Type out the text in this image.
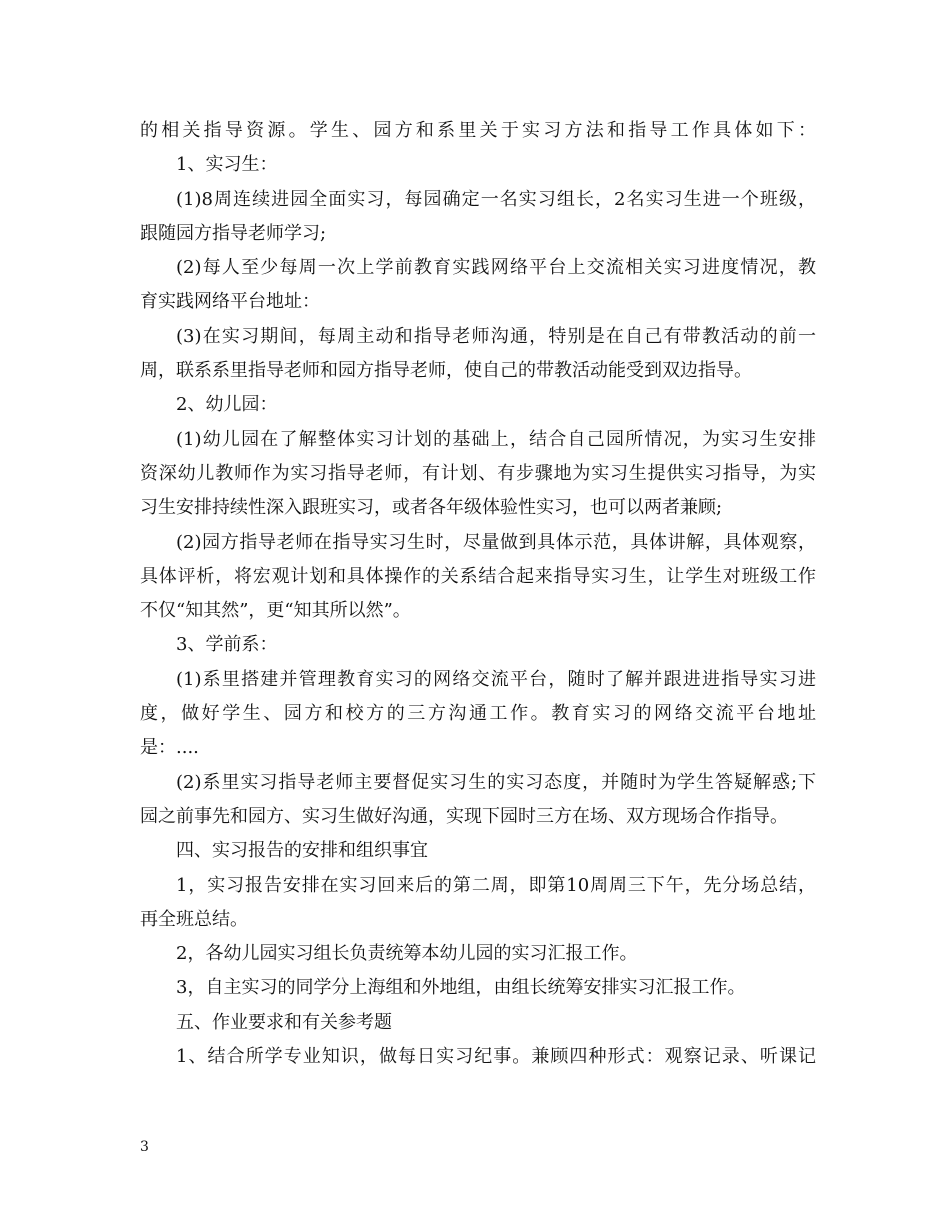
的相关指导资源。学生、园方和系里关于实习方法和指导工作具体如下：
1、实习生：
(1)8周连续进园全面实习，每园确定一名实习组长，2名实习生进一个班级，
跟随园方指导老师学习;
(2)每人至少每周一次上学前教育实践网络平台上交流相关实习进度情况，教
育实践网络平台地址：
(3)在实习期间，每周主动和指导老师沟通，特别是在自己有带教活动的前一
周，联系系里指导老师和园方指导老师，使自己的带教活动能受到双边指导。
2、幼儿园：
(1)幼儿园在了解整体实习计划的基础上，结合自己园所情况，为实习生安排
资深幼儿教师作为实习指导老师，有计划、有步骤地为实习生提供实习指导，为实
习生安排持续性深入跟班实习，或者各年级体验性实习，也可以两者兼顾;
(2)园方指导老师在指导实习生时，尽量做到具体示范，具体讲解，具体观察，
具体评析，将宏观计划和具体操作的关系结合起来指导实习生，让学生对班级工作
不仅“知其然”，更“知其所以然”。
3、学前系：
(1)系里搭建并管理教育实习的网络交流平台，随时了解并跟进进指导实习进
度，做好学生、园方和校方的三方沟通工作。教育实习的网络交流平台地址
是：....
(2)系里实习指导老师主要督促实习生的实习态度，并随时为学生答疑解惑;下
园之前事先和园方、实习生做好沟通，实现下园时三方在场、双方现场合作指导。
四、实习报告的安排和组织事宜
1，实习报告安排在实习回来后的第二周，即第10周周三下午，先分场总结，
再全班总结。
2，各幼儿园实习组长负责统筹本幼儿园的实习汇报工作。
3，自主实习的同学分上海组和外地组，由组长统筹安排实习汇报工作。
五、作业要求和有关参考题
1、结合所学专业知识，做每日实习纪事。兼顾四种形式：观察记录、听课记
3
